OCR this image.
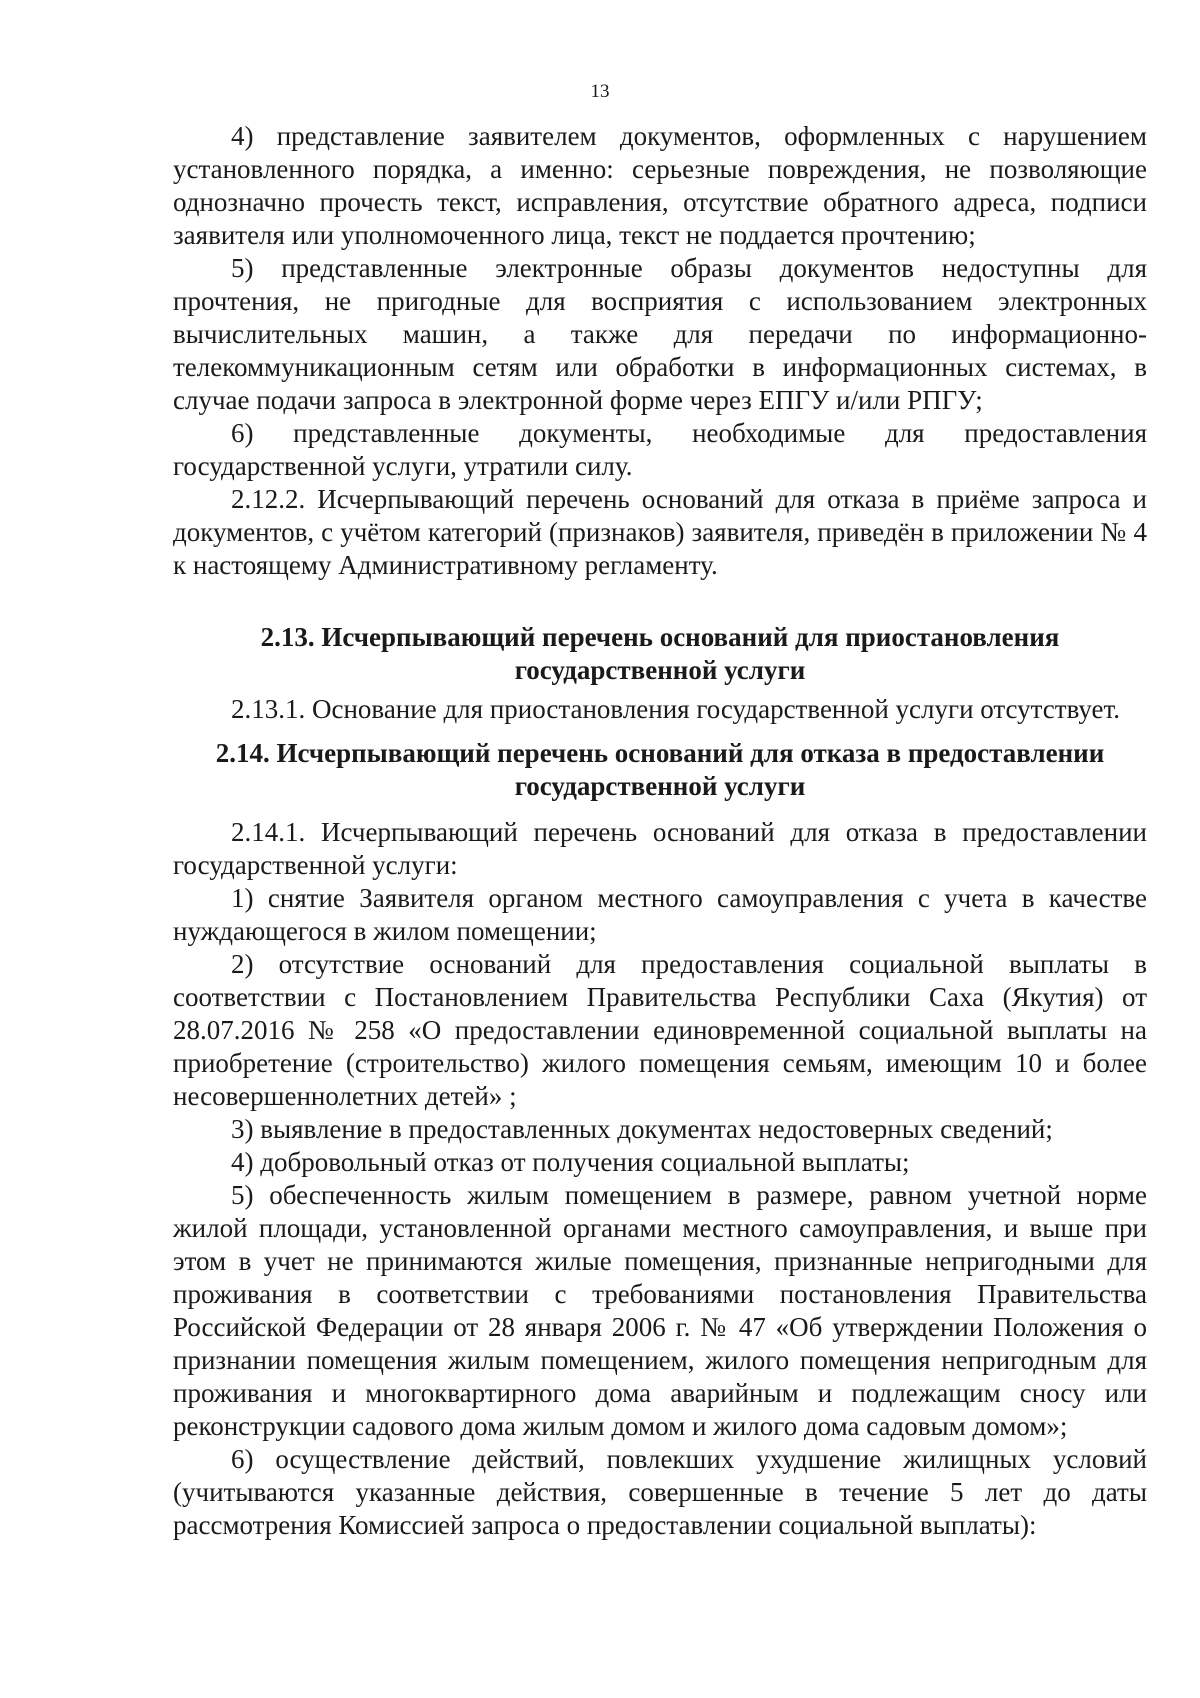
13

4) представление заявителем документов, оформленных с нарушением установленного порядка, а именно: серьезные повреждения, не позволяющие однозначно прочесть текст, исправления, отсутствие обратного адреса, подписи заявителя или уполномоченного лица, текст не поддается прочтению;

5) представленные электронные образы документов недоступны для прочтения, не пригодные для восприятия с использованием электронных вычислительных машин, а также для передачи по информационно-телекоммуникационным сетям или обработки в информационных системах, в случае подачи запроса в электронной форме через ЕПГУ и/или РПГУ;

6) представленные документы, необходимые для предоставления государственной услуги, утратили силу.

2.12.2. Исчерпывающий перечень оснований для отказа в приёме запроса и документов, с учётом категорий (признаков) заявителя, приведён в приложении № 4 к настоящему Административному регламенту.

2.13. Исчерпывающий перечень оснований для приостановления
государственной услуги

2.13.1. Основание для приостановления государственной услуги отсутствует.

2.14. Исчерпывающий перечень оснований для отказа в предоставлении
государственной услуги

2.14.1. Исчерпывающий перечень оснований для отказа в предоставлении государственной услуги:

1) снятие Заявителя органом местного самоуправления с учета в качестве нуждающегося в жилом помещении;

2) отсутствие оснований для предоставления социальной выплаты в соответствии с Постановлением Правительства Республики Саха (Якутия) от 28.07.2016 № 258 «О предоставлении единовременной социальной выплаты на приобретение (строительство) жилого помещения семьям, имеющим 10 и более несовершеннолетних детей» ;

3) выявление в предоставленных документах недостоверных сведений;

4) добровольный отказ от получения социальной выплаты;

5) обеспеченность жилым помещением в размере, равном учетной норме жилой площади, установленной органами местного самоуправления, и выше при этом в учет не принимаются жилые помещения, признанные непригодными для проживания в соответствии с требованиями постановления Правительства Российской Федерации от 28 января 2006 г. № 47 «Об утверждении Положения о признании помещения жилым помещением, жилого помещения непригодным для проживания и многоквартирного дома аварийным и подлежащим сносу или реконструкции садового дома жилым домом и жилого дома садовым домом»;

6) осуществление действий, повлекших ухудшение жилищных условий (учитываются указанные действия, совершенные в течение 5 лет до даты рассмотрения Комиссией запроса о предоставлении социальной выплаты):
